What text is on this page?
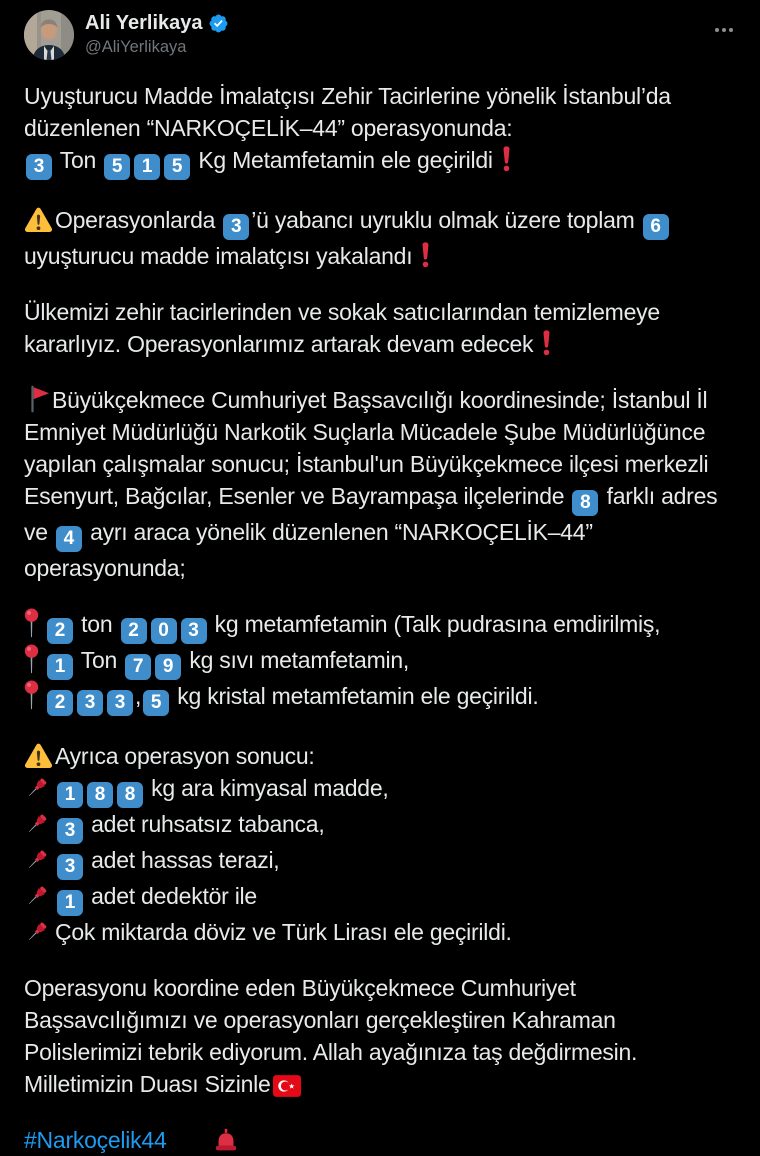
Ali Yerlikaya
@AliYerlikaya

Uyuşturucu Madde İmalatçısı Zehir Tacirlerine yönelik İstanbul’da düzenlenen “NARKOÇELİK–44” operasyonunda:
3 Ton 5 1 5 Kg Metamfetamin ele geçirildi

Operasyonlarda 3 ’ü yabancı uyruklu olmak üzere toplam 6 uyuşturucu madde imalatçısı yakalandı

Ülkemizi zehir tacirlerinden ve sokak satıcılarından temizlemeye kararlıyız. Operasyonlarımız artarak devam edecek

Büyükçekmece Cumhuriyet Başsavcılığı koordinesinde; İstanbul İl Emniyet Müdürlüğü Narkotik Suçlarla Mücadele Şube Müdürlüğünce yapılan çalışmalar sonucu; İstanbul'un Büyükçekmece ilçesi merkezli Esenyurt, Bağcılar, Esenler ve Bayrampaşa ilçelerinde 8 farklı adres ve 4 ayrı araca yönelik düzenlenen “NARKOÇELİK–44” operasyonunda;

2 ton 2 0 3 kg metamfetamin (Talk pudrasına emdirilmiş,
1 Ton 7 9 kg sıvı metamfetamin,
2 3 3 , 5 kg kristal metamfetamin ele geçirildi.

Ayrıca operasyon sonucu:
1 8 8 kg ara kimyasal madde,
3 adet ruhsatsız tabanca,
3 adet hassas terazi,
1 adet dedektör ile
Çok miktarda döviz ve Türk Lirası ele geçirildi.

Operasyonu koordine eden Büyükçekmece Cumhuriyet Başsavcılığımızı ve operasyonları gerçekleştiren Kahraman Polislerimizi tebrik ediyorum. Allah ayağınıza taş değdirmesin. Milletimizin Duası Sizinle

#Narkoçelik44
